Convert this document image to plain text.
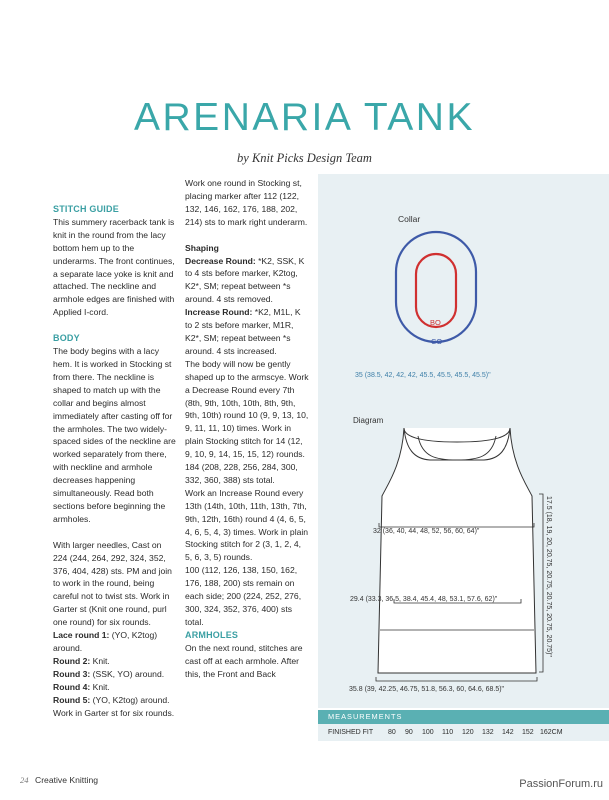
ARENARIA TANK
by Knit Picks Design Team
STITCH GUIDE
This summery racerback tank is knit in the round from the lacy bottom hem up to the underarms. The front continues, a separate lace yoke is knit and attached. The neckline and armhole edges are finished with Applied I-cord.
BODY
The body begins with a lacy hem. It is worked in Stocking st from there. The neckline is shaped to match up with the collar and begins almost immediately after casting off for the armholes. The two widely-spaced sides of the neckline are worked separately from there, with neckline and armhole decreases happening simultaneously. Read both sections before beginning the armholes.
With larger needles, Cast on 224 (244, 264, 292, 324, 352, 376, 404, 428) sts. PM and join to work in the round, being careful not to twist sts. Work in Garter st (Knit one round, purl one round) for six rounds.
Lace round 1: (YO, K2tog) around.
Round 2: Knit.
Round 3: (SSK, YO) around.
Round 4: Knit.
Round 5: (YO, K2tog) around. Work in Garter st for six rounds.
Work one round in Stocking st, placing marker after 112 (122, 132, 146, 162, 176, 188, 202, 214) sts to mark right underarm.
Shaping
Decrease Round: *K2, SSK, K to 4 sts before marker, K2tog, K2*, SM; repeat between *s around. 4 sts removed.
Increase Round: *K2, M1L, K to 2 sts before marker, M1R, K2*, SM; repeat between *s around. 4 sts increased.
The body will now be gently shaped up to the armscye. Work a Decrease Round every 7th (8th, 9th, 10th, 10th, 8th, 9th, 9th, 10th) round 10 (9, 9, 13, 10, 9, 11, 11, 10) times. Work in plain Stocking stitch for 14 (12, 9, 10, 9, 14, 15, 15, 12) rounds. 184 (208, 228, 256, 284, 300, 332, 360, 388) sts total.
Work an Increase Round every 13th (14th, 10th, 11th, 13th, 7th, 9th, 12th, 16th) round 4 (4, 6, 5, 4, 6, 5, 4, 3) times. Work in plain Stocking stitch for 2 (3, 1, 2, 4, 5, 6, 3, 5) rounds.
100 (112, 126, 138, 150, 162, 176, 188, 200) sts remain on each side; 200 (224, 252, 276, 300, 324, 352, 376, 400) sts total.
ARMHOLES
On the next round, stitches are cast off at each armhole. After this, the Front and Back
Collar
BO
CO
35 (38.5, 42, 42, 42, 45.5, 45.5, 45.5, 45.5)"
Diagram
32 (36, 40, 44, 48, 52, 56, 60, 64)"
29.4 (33.3, 36.5, 38.4, 45.4, 48, 53.1, 57.6, 62)"
35.8 (39, 42.25, 46.75, 51.8, 56.3, 60, 64.6, 68.5)"
17.5 (18, 19, 20, 20.75, 20.75, 20.75, 20.75, 20.75)"
MEASUREMENTS
FINISHED FIT 80 90 100 110 120 132 142 152 162CM
24 Creative Knitting	PassionForum.ru
